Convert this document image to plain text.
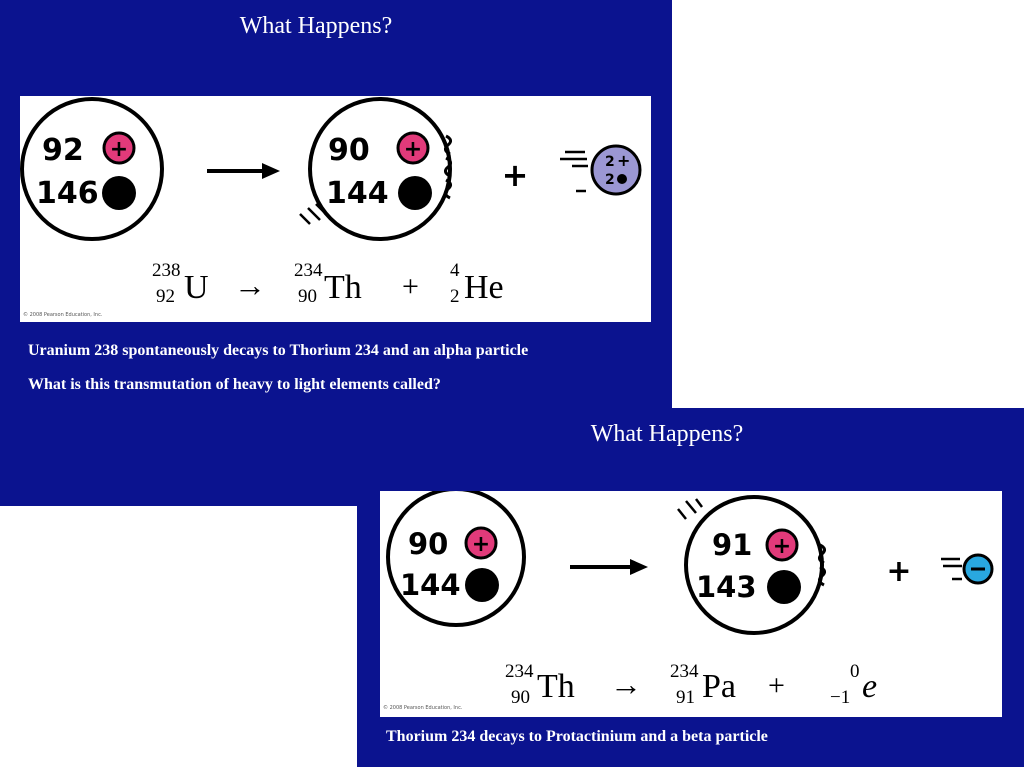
What Happens?
92 +
146
90 +
144	+	2 +
2
238
92 U → 234
90 Th + 4
2 He
© 2008 Pearson Education, Inc.
Uranium 238 spontaneously decays to Thorium 234 and an alpha particle
What is this transmutation of heavy to light elements called?
What Happens?
90 +
144
91 +
143	+
234
90 Th → 234
91 Pa +	0
−1 e
© 2008 Pearson Education, Inc.
Thorium 234 decays to Protactinium and a beta particle
